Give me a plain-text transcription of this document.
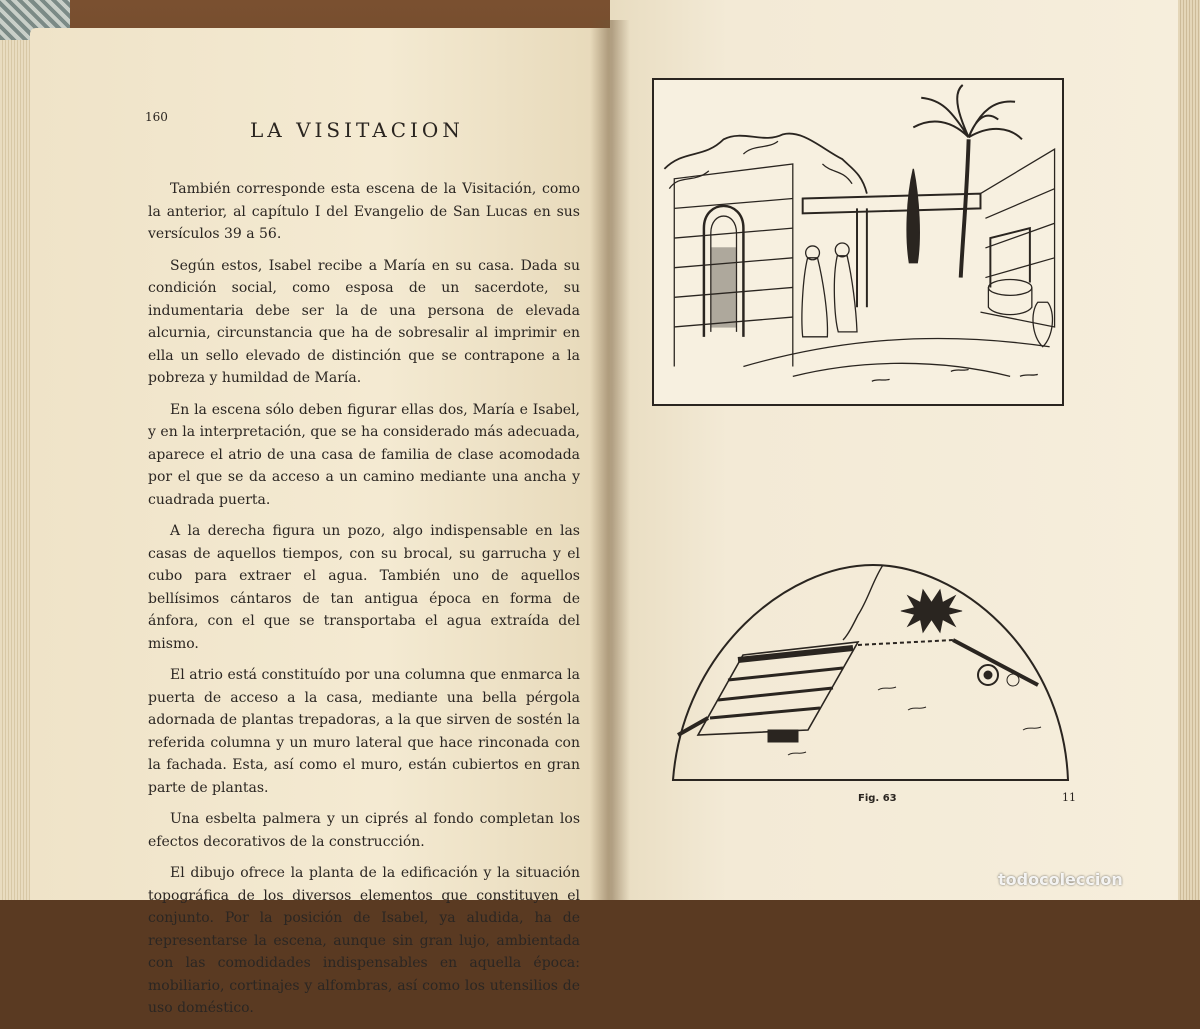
160
LA VISITACION

También corresponde esta escena de la Visitación, como la anterior, al capítulo I del Evangelio de San Lucas en sus versículos 39 a 56.

Según estos, Isabel recibe a María en su casa. Dada su condición social, como esposa de un sacerdote, su indumentaria debe ser la de una persona de elevada alcurnia, circunstancia que ha de sobresalir al imprimir en ella un sello elevado de distinción que se contrapone a la pobreza y humildad de María.

En la escena sólo deben figurar ellas dos, María e Isabel, y en la interpretación, que se ha considerado más adecuada, aparece el atrio de una casa de familia de clase acomodada por el que se da acceso a un camino mediante una ancha y cuadrada puerta.

A la derecha figura un pozo, algo indispensable en las casas de aquellos tiempos, con su brocal, su garrucha y el cubo para extraer el agua. También uno de aquellos bellísimos cántaros de tan antigua época en forma de ánfora, con el que se transportaba el agua extraída del mismo.

El atrio está constituído por una columna que enmarca la puerta de acceso a la casa, mediante una bella pérgola adornada de plantas trepadoras, a la que sirven de sostén la referida columna y un muro lateral que hace rinconada con la fachada. Esta, así como el muro, están cubiertos en gran parte de plantas.

Una esbelta palmera y un ciprés al fondo completan los efectos decorativos de la construcción.

El dibujo ofrece la planta de la edificación y la situación topográfica de los diversos elementos que constituyen el conjunto. Por la posición de Isabel, ya aludida, ha de representarse la escena, aunque sin gran lujo, ambientada con las comodidades indispensables en aquella época: mobiliario, cortinajes y alfombras, así como los utensilios de uso doméstico.

Fig. 63	11
todocoleccion
